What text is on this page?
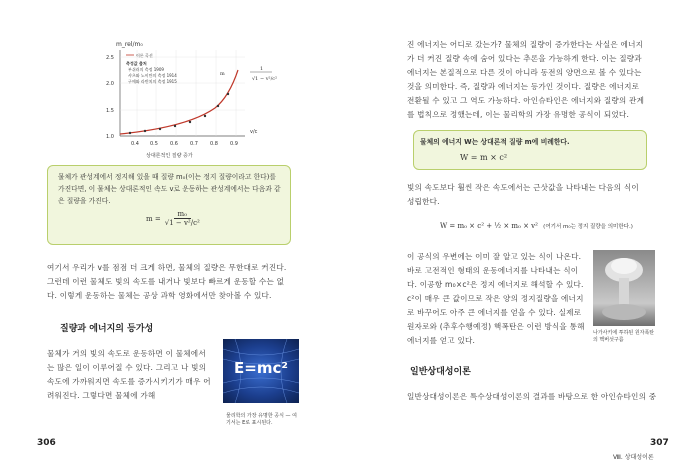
m_rel/m₀
2.5
2.0
1.5
1.0
0.4 0.5 0.6 0.7 0.8 0.9
v/c
이론 곡선
측정값 출처
부쉬러의 측정 1909
샤츠와 노이만의 측정 1914
구예와 라반치의 측정 1915
m
1
√1 − v²/c²
상대론적인 질량 증가
물체가 관성계에서 정지해 있을 때 질량 m₀(이는 정지 질량이라고 한다)를 가진다면, 이 물체는 상대론적인 속도 v로 운동하는 관성계에서는 다음과 같은 질량을 가진다.
$m = \frac{\text{m₀}}{\text{√1 − v²/c²}}$
여기서 우리가 v를 점점 더 크게 하면, 물체의 질량은 무한대로 커진다. 그런데 이런 물체도 빛의 속도를 내거나 빛보다 빠르게 운동할 수는 없다. 이렇게 운동하는 물체는 공상 과학 영화에서만 찾아볼 수 있다.
질량과 에너지의 등가성
물체가 거의 빛의 속도로 운동하면 이 물체에서는 많은 일이 이루어질 수 있다. 그리고 나 빛의 속도에 가까워지면 속도를 증가시키기가 매우 어려워진다. 그렇다면 물체에 가해
E=mc²
물리학의 가장 유명한 공식 — 여기서는 E로 표시된다.
306
진 에너지는 어디로 갔는가? 물체의 질량이 증가한다는 사실은 에너지가 더 커진 질량 속에 숨어 있다는 추론을 가능하게 한다. 이는 질량과 에너지는 본질적으로 다른 것이 아니라 동전의 양면으로 볼 수 있다는 것을 의미한다. 즉, 질량과 에너지는 등가인 것이다. 질량은 에너지로 전환될 수 있고 그 역도 가능하다. 아인슈타인은 에너지와 질량의 관계를 법칙으로 정했는데, 이는 물리학의 가장 유명한 공식이 되었다.
물체의 에너지 W는 상대론적 질량 m에 비례한다.
W = m × c²
빛의 속도보다 훨씬 작은 속도에서는 근삿값을 나타내는 다음의 식이 성립한다.
W = m₀ × c² + ½ × m₀ × v² (여기서 m₀는 정지 질량을 의미한다.)
이 공식의 우변에는 이미 잘 알고 있는 식이 나온다. 바로 고전적인 형태의 운동에너지를 나타내는 식이다. 이공항 m₀×c²은 정지 에너지로 해석할 수 있다. c²이 매우 큰 값이므로 작은 양의 정지질량을 에너지로 바꾸어도 아주 큰 에너지를 얻을 수 있다. 실제로 원자로와 (추후수행예정) 핵폭탄은 이런 방식을 통해 에너지를 얻고 있다.
나가사키에 투하된 원자폭탄의 핵버섯구름
일반상대성이론
일반상대성이론은 특수상대성이론의 결과를 바탕으로 한 아인슈타인의 중
307
Ⅷ. 상대성이론
